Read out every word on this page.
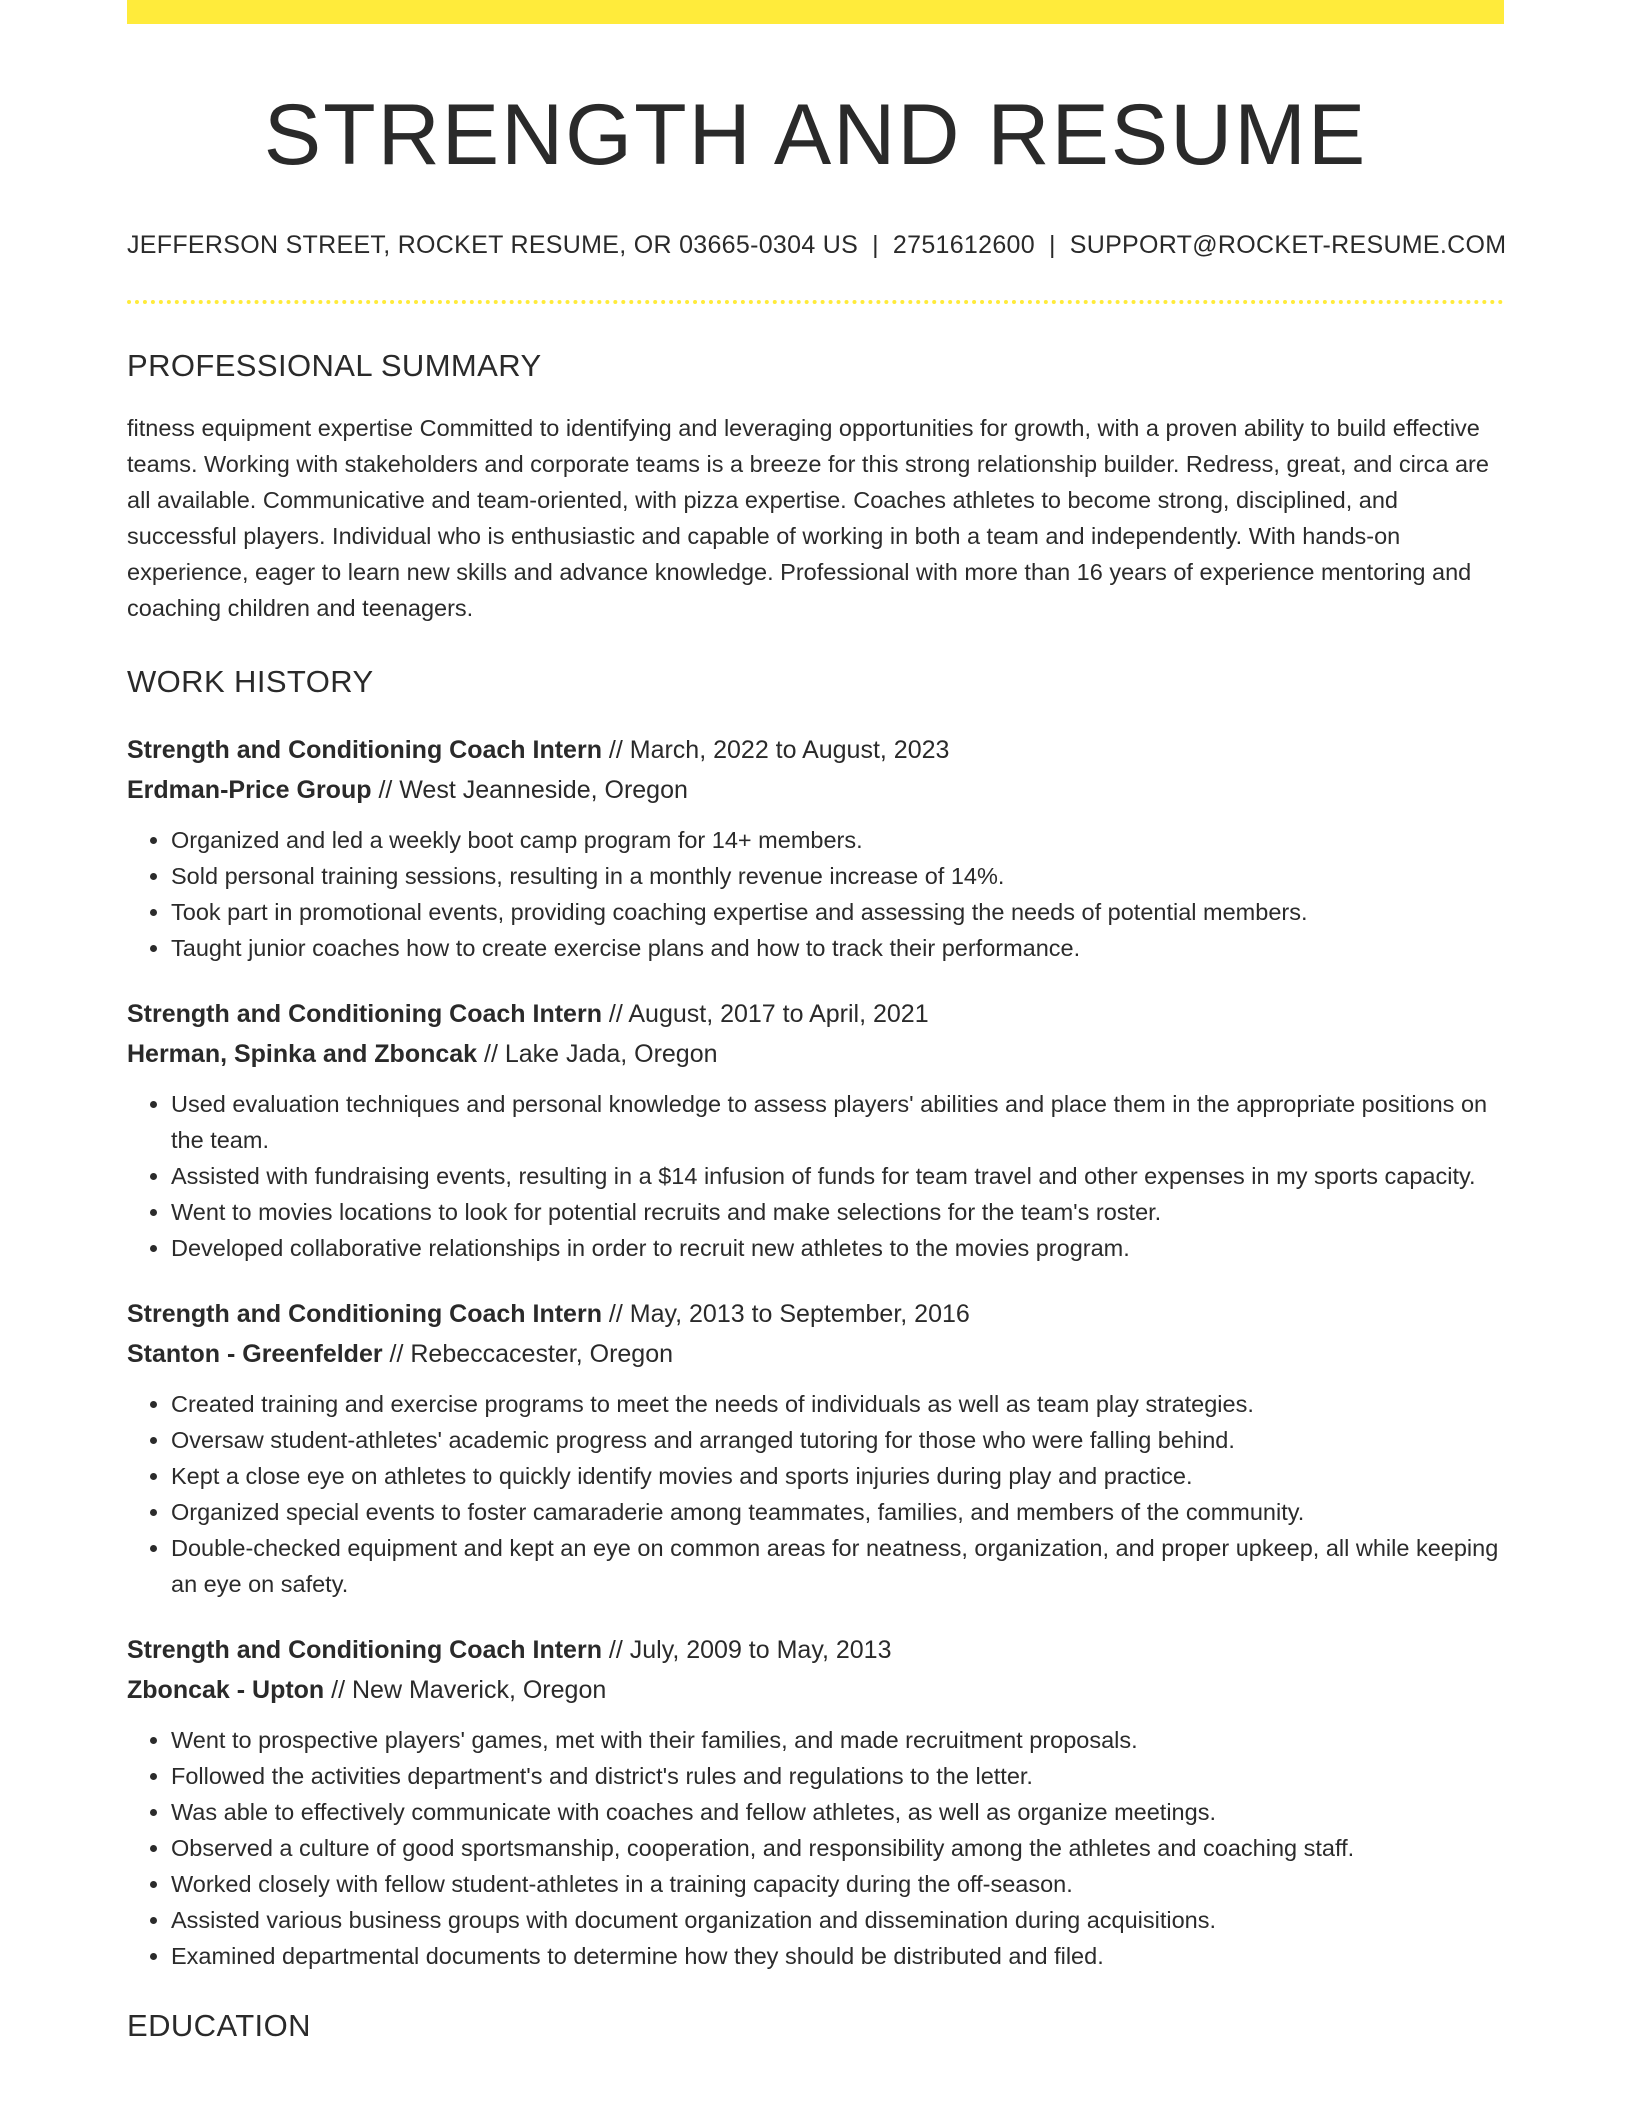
STRENGTH AND RESUME
JEFFERSON STREET, ROCKET RESUME, OR 03665-0304 US | 2751612600 | SUPPORT@ROCKET-RESUME.COM
PROFESSIONAL SUMMARY

fitness equipment expertise Committed to identifying and leveraging opportunities for growth, with a proven ability to build effective teams. Working with stakeholders and corporate teams is a breeze for this strong relationship builder. Redress, great, and circa are all available. Communicative and team-oriented, with pizza expertise. Coaches athletes to become strong, disciplined, and successful players. Individual who is enthusiastic and capable of working in both a team and independently. With hands-on experience, eager to learn new skills and advance knowledge. Professional with more than 16 years of experience mentoring and coaching children and teenagers.

WORK HISTORY
Strength and Conditioning Coach Intern // March, 2022 to August, 2023
Erdman-Price Group // West Jeanneside, Oregon
• Organized and led a weekly boot camp program for 14+ members.
• Sold personal training sessions, resulting in a monthly revenue increase of 14%.
• Took part in promotional events, providing coaching expertise and assessing the needs of potential members.
• Taught junior coaches how to create exercise plans and how to track their performance.
Strength and Conditioning Coach Intern // August, 2017 to April, 2021
Herman, Spinka and Zboncak // Lake Jada, Oregon
• Used evaluation techniques and personal knowledge to assess players' abilities and place them in the appropriate positions on the team.
• Assisted with fundraising events, resulting in a $14 infusion of funds for team travel and other expenses in my sports capacity.
• Went to movies locations to look for potential recruits and make selections for the team's roster.
• Developed collaborative relationships in order to recruit new athletes to the movies program.
Strength and Conditioning Coach Intern // May, 2013 to September, 2016
Stanton - Greenfelder // Rebeccacester, Oregon
• Created training and exercise programs to meet the needs of individuals as well as team play strategies.
• Oversaw student-athletes' academic progress and arranged tutoring for those who were falling behind.
• Kept a close eye on athletes to quickly identify movies and sports injuries during play and practice.
• Organized special events to foster camaraderie among teammates, families, and members of the community.
• Double-checked equipment and kept an eye on common areas for neatness, organization, and proper upkeep, all while keeping an eye on safety.
Strength and Conditioning Coach Intern // July, 2009 to May, 2013
Zboncak - Upton // New Maverick, Oregon
• Went to prospective players' games, met with their families, and made recruitment proposals.
• Followed the activities department's and district's rules and regulations to the letter.
• Was able to effectively communicate with coaches and fellow athletes, as well as organize meetings.
• Observed a culture of good sportsmanship, cooperation, and responsibility among the athletes and coaching staff.
• Worked closely with fellow student-athletes in a training capacity during the off-season.
• Assisted various business groups with document organization and dissemination during acquisitions.
• Examined departmental documents to determine how they should be distributed and filed.
EDUCATION
